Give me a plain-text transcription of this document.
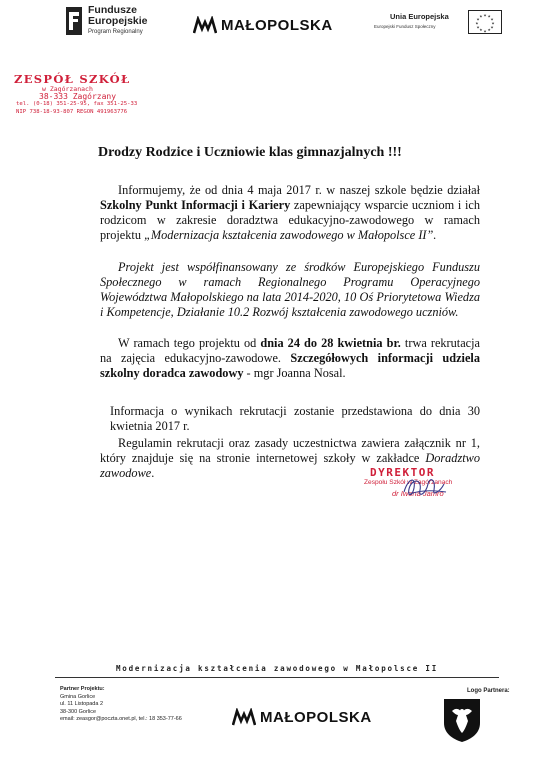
Fundusze
Europejskie
Program Regionalny	MAŁOPOLSKA	Unia Europejska
Europejski Fundusz Społeczny
★ ★
★
★
★
★
★
★
★
★
★
★
ZESPÓŁ SZKÓŁ
w Zagórzanach
38-333 Zagórzany
tel. (0-18) 351-25-95, fax 351-25-33
NIP 738-18-93-807 REGON 491963776
Drodzy Rodzice i Uczniowie klas gimnazjalnych !!!
Informujemy, że od dnia 4 maja 2017 r. w naszej szkole będzie działał Szkolny Punkt Informacji i Kariery zapewniający wsparcie uczniom i ich rodzicom w zakresie doradztwa edukacyjno-zawodowego w ramach projektu „Modernizacja kształcenia zawodowego w Małopolsce II”.
Projekt jest współfinansowany ze środków Europejskiego Funduszu Społecznego w ramach Regionalnego Programu Operacyjnego Województwa Małopolskiego na lata 2014-2020, 10 Oś Priorytetowa Wiedza i Kompetencje, Działanie 10.2 Rozwój kształcenia zawodowego uczniów.
W ramach tego projektu od dnia 24 do 28 kwietnia br. trwa rekrutacja na zajęcia edukacyjno-zawodowe. Szczegółowych informacji udziela szkolny doradca zawodowy - mgr Joanna Nosal.
Informacja o wynikach rekrutacji zostanie przedstawiona do dnia 30 kwietnia 2017 r.
Regulamin rekrutacji oraz zasady uczestnictwa zawiera załącznik nr 1, który znajduje się na stronie internetowej szkoły w zakładce Doradztwo zawodowe.	DYREKTOR
Zespołu Szkół w Zagórzanach
dr Iwona Jamro
Modernizacja kształcenia zawodowego w Małopolsce II
Partner Projektu:
Gmina Gorlice
ul. 11 Listopada 2
38-300 Gorlice
email: zeasgor@poczta.onet.pl, tel.: 18 353-77-66	MAŁOPOLSKA
Logo Partnera:
